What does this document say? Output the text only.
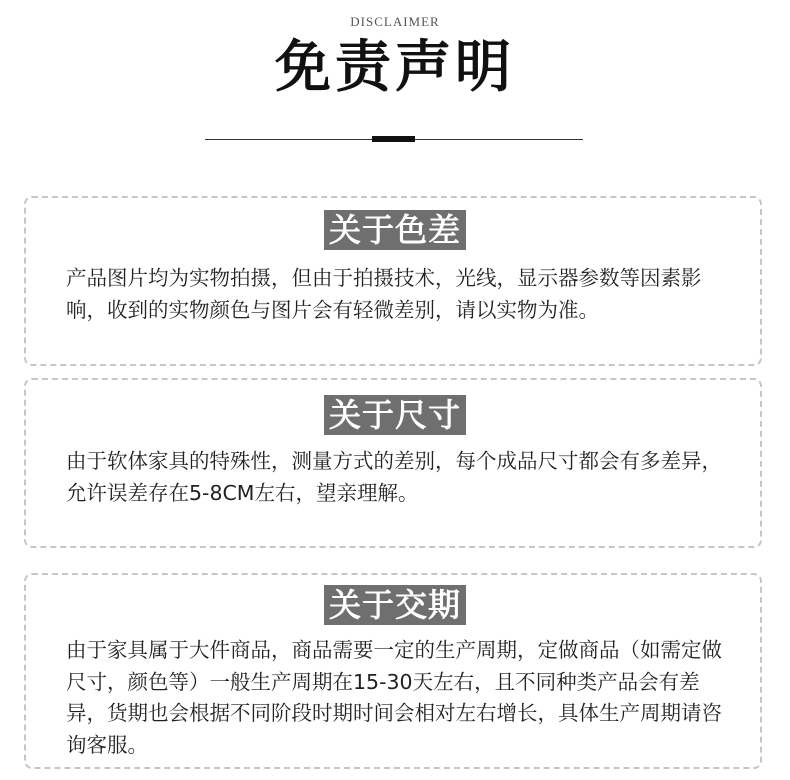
DISCLAIMER
免责声明
关于色差

产品图片均为实物拍摄，但由于拍摄技术，光线，显示器参数等因素影响，收到的实物颜色与图片会有轻微差别，请以实物为准。

关于尺寸

由于软体家具的特殊性，测量方式的差别，每个成品尺寸都会有多差异，允许误差存在5-8CM左右，望亲理解。

关于交期

由于家具属于大件商品，商品需要一定的生产周期，定做商品（如需定做尺寸，颜色等）一般生产周期在15-30天左右，且不同种类产品会有差异，货期也会根据不同阶段时期时间会相对左右增长，具体生产周期请咨询客服。
